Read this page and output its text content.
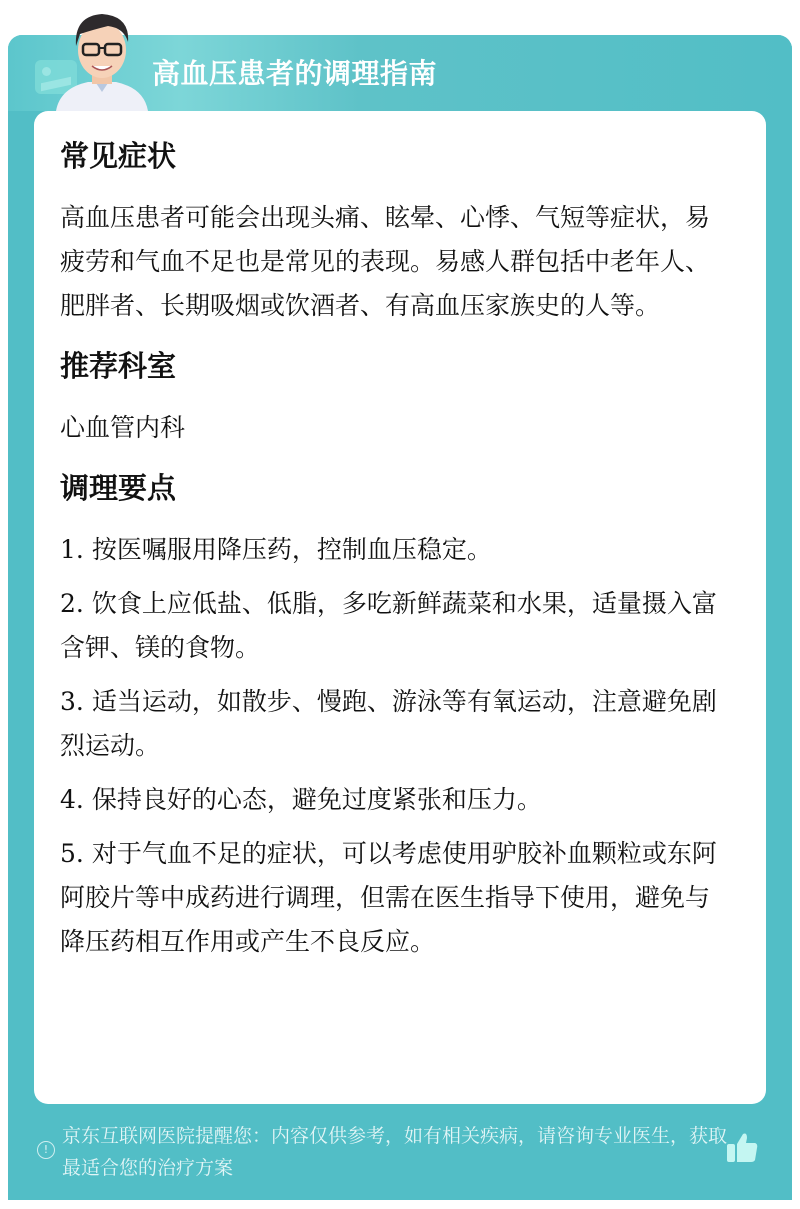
高血压患者的调理指南
常见症状

高血压患者可能会出现头痛、眩晕、心悸、气短等症状，易疲劳和气血不足也是常见的表现。易感人群包括中老年人、肥胖者、长期吸烟或饮酒者、有高血压家族史的人等。

推荐科室

心血管内科

调理要点

1. 按医嘱服用降压药，控制血压稳定。

2. 饮食上应低盐、低脂，多吃新鲜蔬菜和水果，适量摄入富含钾、镁的食物。

3. 适当运动，如散步、慢跑、游泳等有氧运动，注意避免剧烈运动。

4. 保持良好的心态，避免过度紧张和压力。

5. 对于气血不足的症状，可以考虑使用驴胶补血颗粒或东阿阿胶片等中成药进行调理，但需在医生指导下使用，避免与降压药相互作用或产生不良反应。

!
京东互联网医院提醒您：内容仅供参考，如有相关疾病，请咨询专业医生，获取最适合您的治疗方案
